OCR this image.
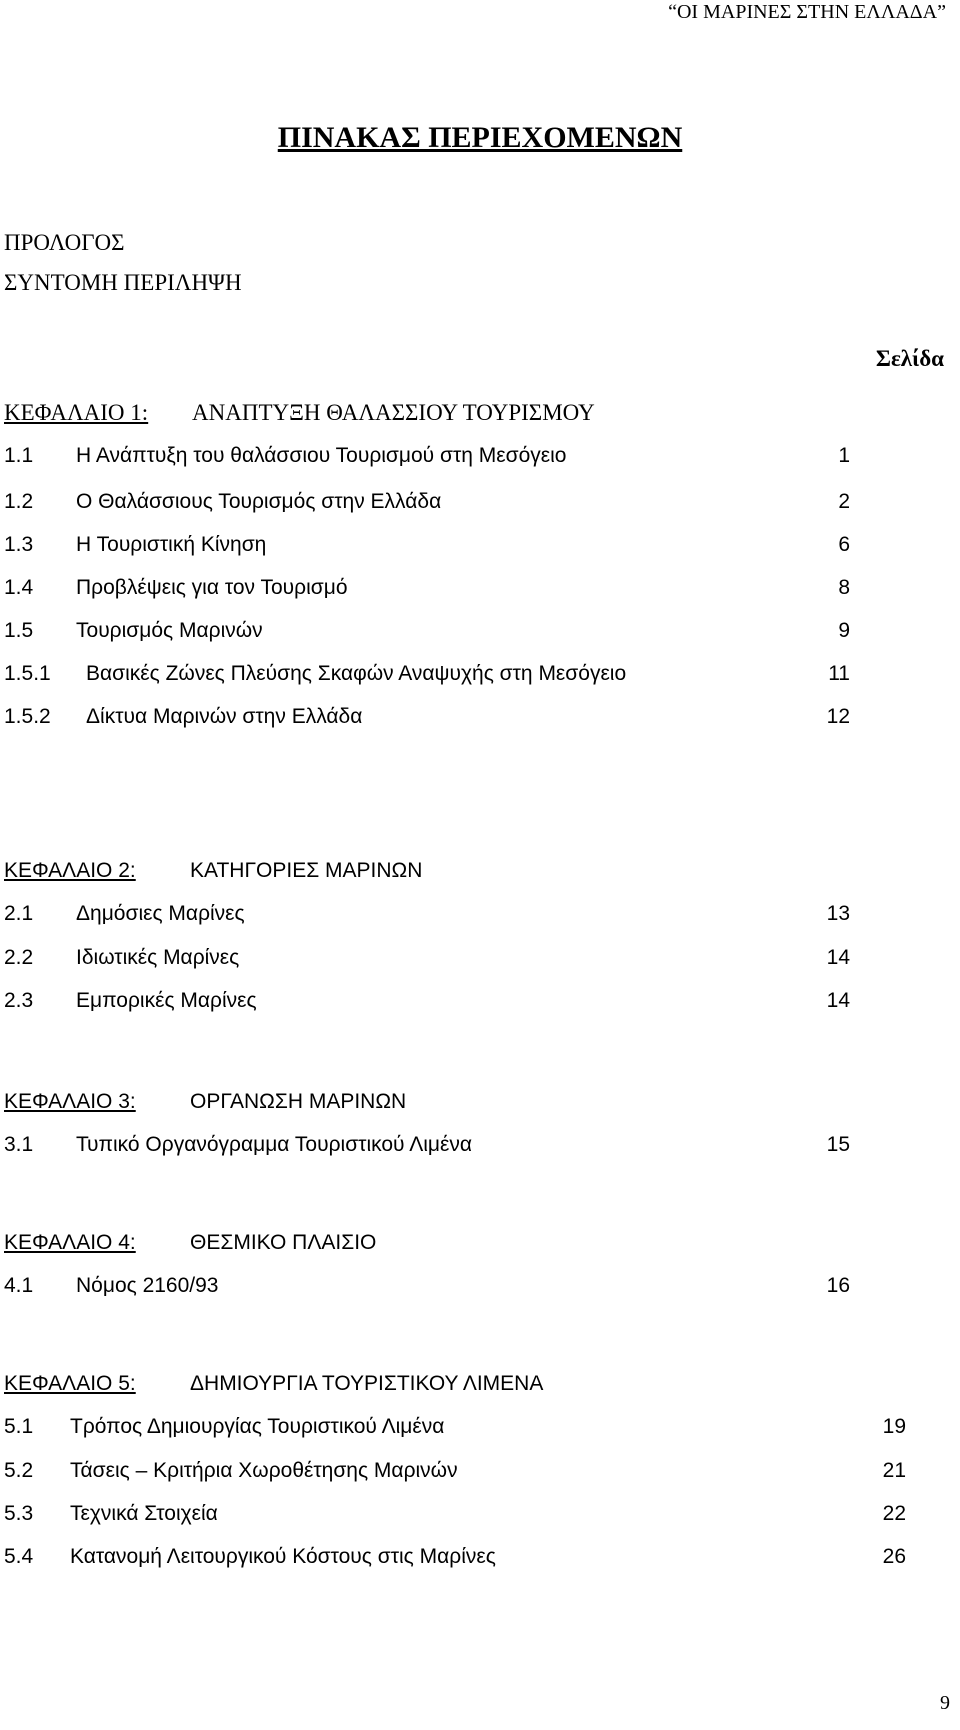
“ΟΙ ΜΑΡΙΝΕΣ ΣΤΗΝ ΕΛΛΑΔΑ”
ΠΙΝΑΚΑΣ ΠΕΡΙΕΧΟΜΕΝΩΝ
ΠΡΟΛΟΓΟΣ
ΣΥΝΤΟΜΗ ΠΕΡΙΛΗΨΗ
Σελίδα
ΚΕΦΑΛΑΙΟ 1: ΑΝΑΠΤΥΞΗ ΘΑΛΑΣΣΙΟΥ ΤΟΥΡΙΣΜΟΥ
1.1 Η Ανάπτυξη του θαλάσσιου Τουρισμού στη Μεσόγειο	1
1.2 Ο Θαλάσσιους Τουρισμός στην Ελλάδα	2
1.3 Η Τουριστική Κίνηση	6
1.4 Προβλέψεις για τον Τουρισμό	8
1.5 Τουρισμός Μαρινών	9
1.5.1 Βασικές Ζώνες Πλεύσης Σκαφών Αναψυχής στη Μεσόγειο	11
1.5.2 Δίκτυα Μαρινών στην Ελλάδα	12
ΚΕΦΑΛΑΙΟ 2:	ΚΑΤΗΓΟΡΙΕΣ ΜΑΡΙΝΩΝ
2.1 Δημόσιες Μαρίνες	13
2.2 Ιδιωτικές Μαρίνες	14
2.3 Εμπορικές Μαρίνες	14
ΚΕΦΑΛΑΙΟ 3:	ΟΡΓΑΝΩΣΗ ΜΑΡΙΝΩΝ
3.1 Τυπικό Οργανόγραμμα Τουριστικού Λιμένα	15
ΚΕΦΑΛΑΙΟ 4:	ΘΕΣΜΙΚΟ ΠΛΑΙΣΙΟ
4.1 Νόμος 2160/93	16
ΚΕΦΑΛΑΙΟ 5:	ΔΗΜΙΟΥΡΓΙΑ ΤΟΥΡΙΣΤΙΚΟΥ ΛΙΜΕΝΑ
5.1 Τρόπος Δημιουργίας Τουριστικού Λιμένα	19
5.2 Τάσεις – Κριτήρια Χωροθέτησης Μαρινών	21
5.3 Τεχνικά Στοιχεία	22
5.4 Κατανομή Λειτουργικού Κόστους στις Μαρίνες	26
9
